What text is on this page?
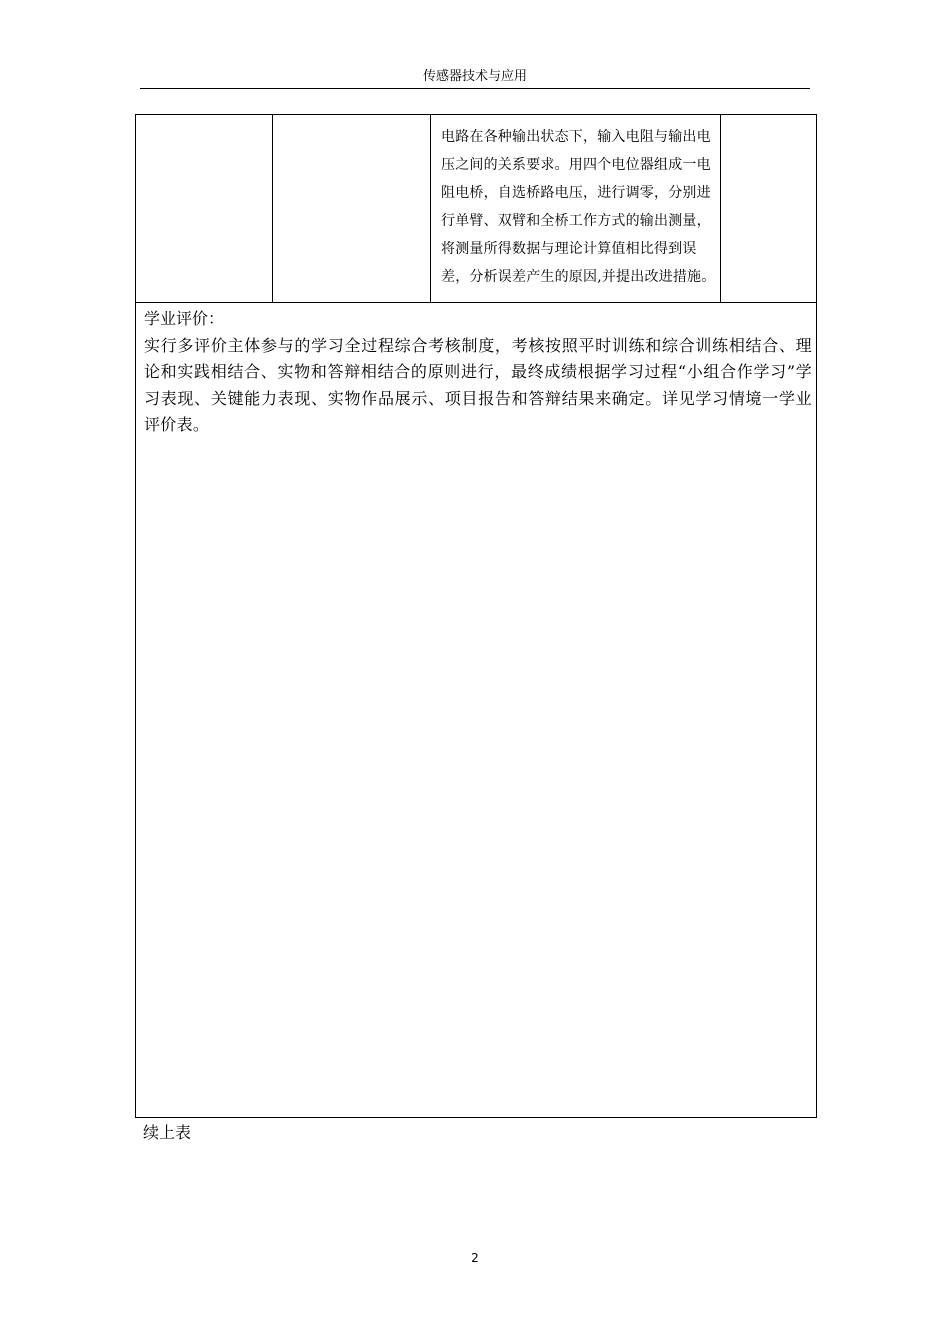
传感器技术与应用
电路在各种输出状态下，输入电阻与输出电压之间的关系要求。用四个电位器组成一电阻电桥，自选桥路电压，进行调零，分别进行单臂、双臂和全桥工作方式的输出测量，将测量所得数据与理论计算值相比得到误差，分析误差产生的原因,并提出改进措施。
学业评价：
实行多评价主体参与的学习全过程综合考核制度，考核按照平时训练和综合训练相结合、理论和实践相结合、实物和答辩相结合的原则进行，最终成绩根据学习过程“小组合作学习”学习表现、关键能力表现、实物作品展示、项目报告和答辩结果来确定。详见学习情境一学业评价表。
续上表
2
